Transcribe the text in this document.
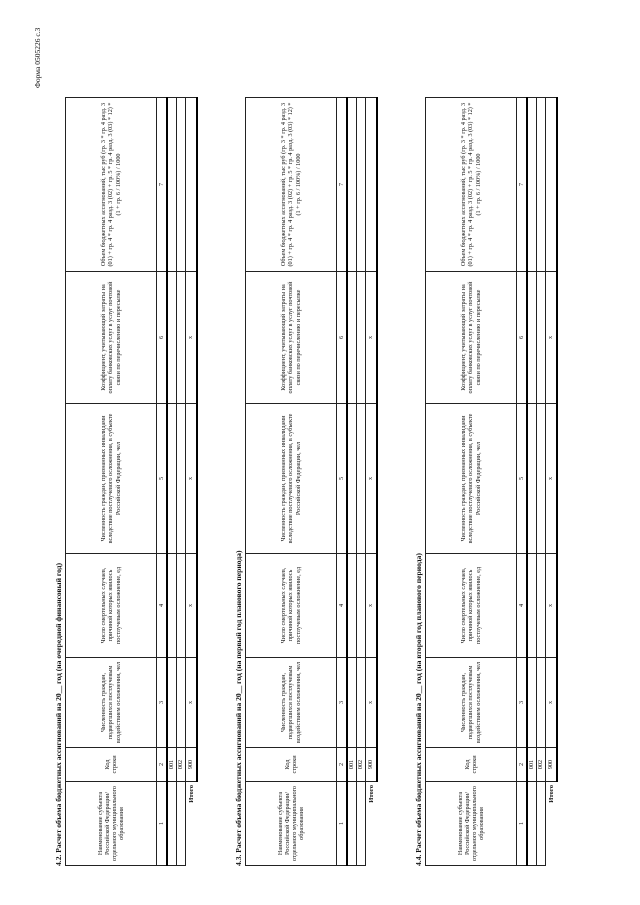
Форма 0505226 с.3
4.2. Расчет объема бюджетных ассигнований на 20__ год (на очередной финансовый год)	Наименование субъекта Российской Федерации/ отдельного муниципального образования	Код строки	Численность граждан, подвергшихся постлучевым воздействием осложнения, чел	Число смертельных случаев, причиной которых явилось постлучевым осложнение, ед	Численность граждан, признанных инвалидами вследствие постлучевого осложнения, в субъекте Российской Федерации, чел	Коэффициент, учитывающий затраты на оплату банковских услуг в услуг почтовой связи по перечислению и пересылке	Объем бюджетных ассигнований, тыс руб (гр. 3 * гр. 4 разд. 3 (01) + гр. 4 * гр. 4 разд. 3 (02) + гр. 5 * гр. 4 разд. 3 (03) * 12) * (1 + гр. 6 / 100%) / 1000
1	2	3	4	5	6	7
	001					
	002					
Итого	900	x	x	x	x	
4.3. Расчет объема бюджетных ассигнований на 20__ год (на первый год планового периода)	Наименование субъекта Российской Федерации/ отдельного муниципального образования	Код строки	Численность граждан, подвергшихся постлучевым воздействием осложнения, чел	Число смертельных случаев, причиной которых явилось постлучевым осложнение, ед	Численность граждан, признанных инвалидами вследствие постлучевого осложнения, в субъекте Российской Федерации, чел	Коэффициент, учитывающий затраты на оплату банковских услуг в услуг почтовой связи по перечислению и пересылке	Объем бюджетных ассигнований, тыс руб (гр. 3 * гр. 4 разд. 3 (01) + гр. 4 * гр. 4 разд. 3 (02) + гр. 5 * гр. 4 разд. 3 (03) * 12) * (1 + гр. 6 / 100%) / 1000
1	2	3	4	5	6	7
	001					
	002					
Итого	900	x	x	x	x	
4.4. Расчет объема бюджетных ассигнований на 20__ год (на второй год планового периода)	Наименование субъекта Российской Федерации/ отдельного муниципального образования	Код строки	Численность граждан, подвергшихся постлучевым воздействием осложнения, чел	Число смертельных случаев, причиной которых явилось постлучевым осложнение, ед	Численность граждан, признанных инвалидами вследствие постлучевого осложнения, в субъекте Российской Федерации, чел	Коэффициент, учитывающий затраты на оплату банковских услуг в услуг почтовой связи по перечислению и пересылке	Объем бюджетных ассигнований, тыс руб (гр. 3 * гр. 4 разд. 3 (01) + гр. 4 * гр. 4 разд. 3 (02) + гр. 5 * гр. 4 разд. 3 (03) * 12) * (1 + гр. 6 / 100%) / 1000
1	2	3	4	5	6	7
	001					
	002					
Итого	900	x	x	x	x	
